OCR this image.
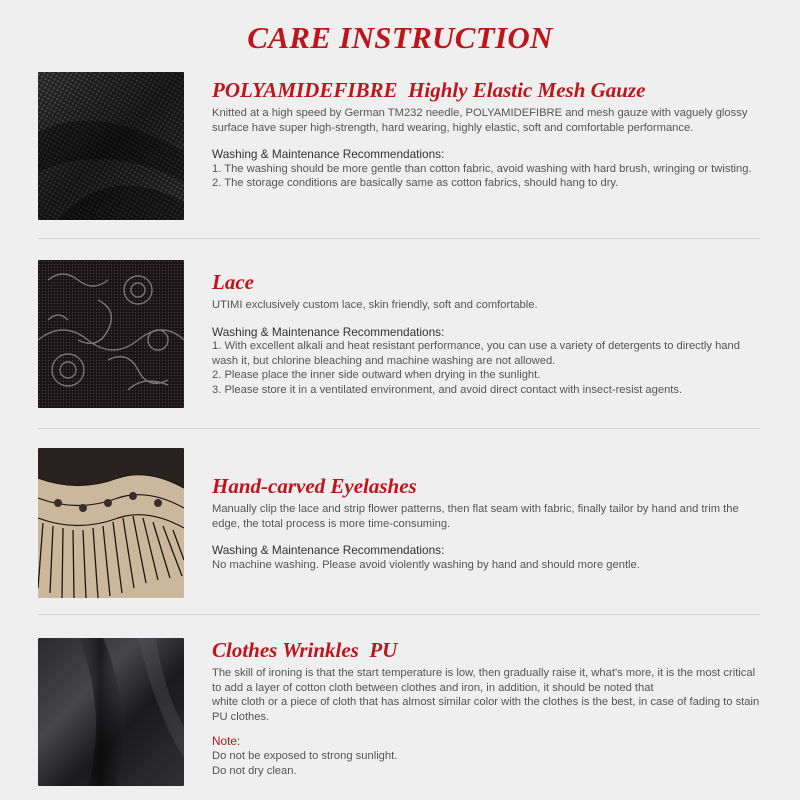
CARE INSTRUCTION
POLYAMIDEFIBRE  Highly Elastic Mesh Gauze

Knitted at a high speed by German TM232 needle, POLYAMIDEFIBRE and mesh gauze with vaguely glossy surface have super high-strength, hard wearing, highly elastic, soft and comfortable performance.

Washing & Maintenance Recommendations:

1. The washing should be more gentle than cotton fabric, avoid washing with hard brush, wringing or twisting.

2. The storage conditions are basically same as cotton fabrics, should hang to dry.

Lace

UTIMI exclusively custom lace, skin friendly, soft and comfortable.

Washing & Maintenance Recommendations:

1. With excellent alkali and heat resistant performance, you can use a variety of detergents to directly hand wash it, but chlorine bleaching and machine washing are not allowed.

2. Please place the inner side outward when drying in the sunlight.

3. Please store it in a ventilated environment, and avoid direct contact with insect-resist agents.

Hand-carved Eyelashes

Manually clip the lace and strip flower patterns, then flat seam with fabric, finally tailor by hand and trim the edge, the total process is more time-consuming.

Washing & Maintenance Recommendations:

No machine washing. Please avoid violently washing by hand and should more gentle.

Clothes Wrinkles  PU

The skill of ironing is that the start temperature is low, then gradually raise it, what's more, it is the most critical to add a layer of cotton cloth between clothes and iron, in addition, it should be noted that

white cloth or a piece of cloth that has almost similar color with the clothes is the best, in case of fading to stain PU clothes.

Note:

Do not be exposed to strong sunlight.

Do not dry clean.
